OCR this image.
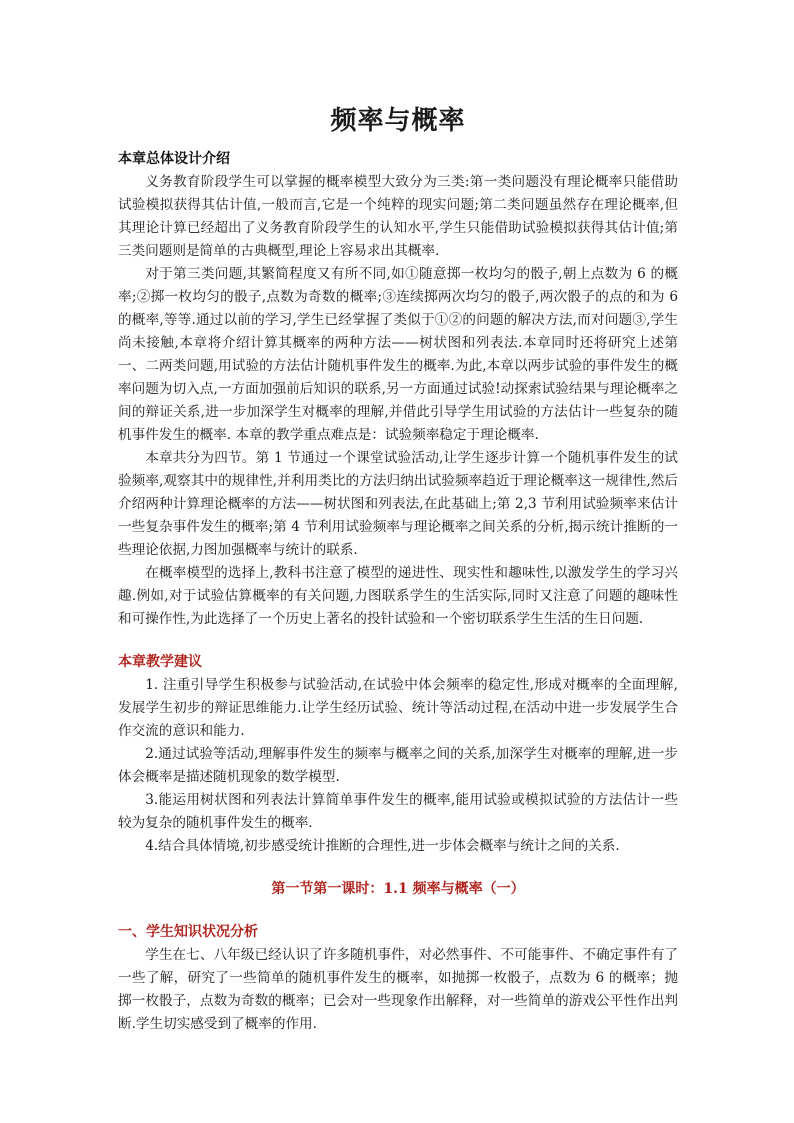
频率与概率

本章总体设计介绍

义务教育阶段学生可以掌握的概率模型大致分为三类:第一类问题没有理论概率只能借助试验模拟获得其估计值,一般而言,它是一个纯粹的现实问题;第二类问题虽然存在理论概率,但其理论计算已经超出了义务教育阶段学生的认知水平,学生只能借助试验模拟获得其估计值;第三类问题则是简单的古典概型,理论上容易求出其概率.

对于第三类问题,其繁简程度又有所不同,如①随意掷一枚均匀的骰子,朝上点数为 6 的概率;②掷一枚均匀的骰子,点数为奇数的概率;③连续掷两次均匀的骰子,两次骰子的点的和为 6 的概率,等等.通过以前的学习,学生已经掌握了类似于①②的问题的解决方法,而对问题③,学生尚未接触,本章将介绍计算其概率的两种方法——树状图和列表法.本章同时还将研究上述第一、二两类问题,用试验的方法估计随机事件发生的概率.为此,本章以两步试验的事件发生的概率问题为切入点,一方面加强前后知识的联系,另一方面通过试验!动探索试验结果与理论概率之间的辩证关系,进一步加深学生对概率的理解,并借此引导学生用试验的方法估计一些复杂的随机事件发生的概率. 本章的教学重点难点是：试验频率稳定于理论概率.

本章共分为四节。第 1 节通过一个课堂试验活动,让学生逐步计算一个随机事件发生的试验频率,观察其中的规律性,并利用类比的方法归纳出试验频率趋近于理论概率这一规律性,然后介绍两种计算理论概率的方法——树状图和列表法,在此基础上;第 2,3 节利用试验频率来估计一些复杂事件发生的概率;第 4 节利用试验频率与理论概率之间关系的分析,揭示统计推断的一些理论依据,力图加强概率与统计的联系.

在概率模型的选择上,教科书注意了模型的递进性、现实性和趣味性,以激发学生的学习兴趣.例如,对于试验估算概率的有关问题,力图联系学生的生活实际,同时又注意了问题的趣味性和可操作性,为此选择了一个历史上著名的投针试验和一个密切联系学生生活的生日问题.

本章教学建议

1. 注重引导学生积极参与试验活动,在试验中体会频率的稳定性,形成对概率的全面理解,发展学生初步的辩证思维能力.让学生经历试验、统计等活动过程,在活动中进一步发展学生合作交流的意识和能力.

2.通过试验等活动,理解事件发生的频率与概率之间的关系,加深学生对概率的理解,进一步体会概率是描述随机现象的数学模型.

3.能运用树状图和列表法计算简单事件发生的概率,能用试验或模拟试验的方法估计一些较为复杂的随机事件发生的概率.

4.结合具体情境,初步感受统计推断的合理性,进一步体会概率与统计之间的关系.

第一节第一课时：1.1 频率与概率（一）

一、学生知识状况分析

学生在七、八年级已经认识了许多随机事件，对必然事件、不可能事件、不确定事件有了一些了解，研究了一些简单的随机事件发生的概率，如抛掷一枚骰子，点数为 6 的概率；抛掷一枚骰子，点数为奇数的概率；已会对一些现象作出解释，对一些简单的游戏公平性作出判断.学生切实感受到了概率的作用.
